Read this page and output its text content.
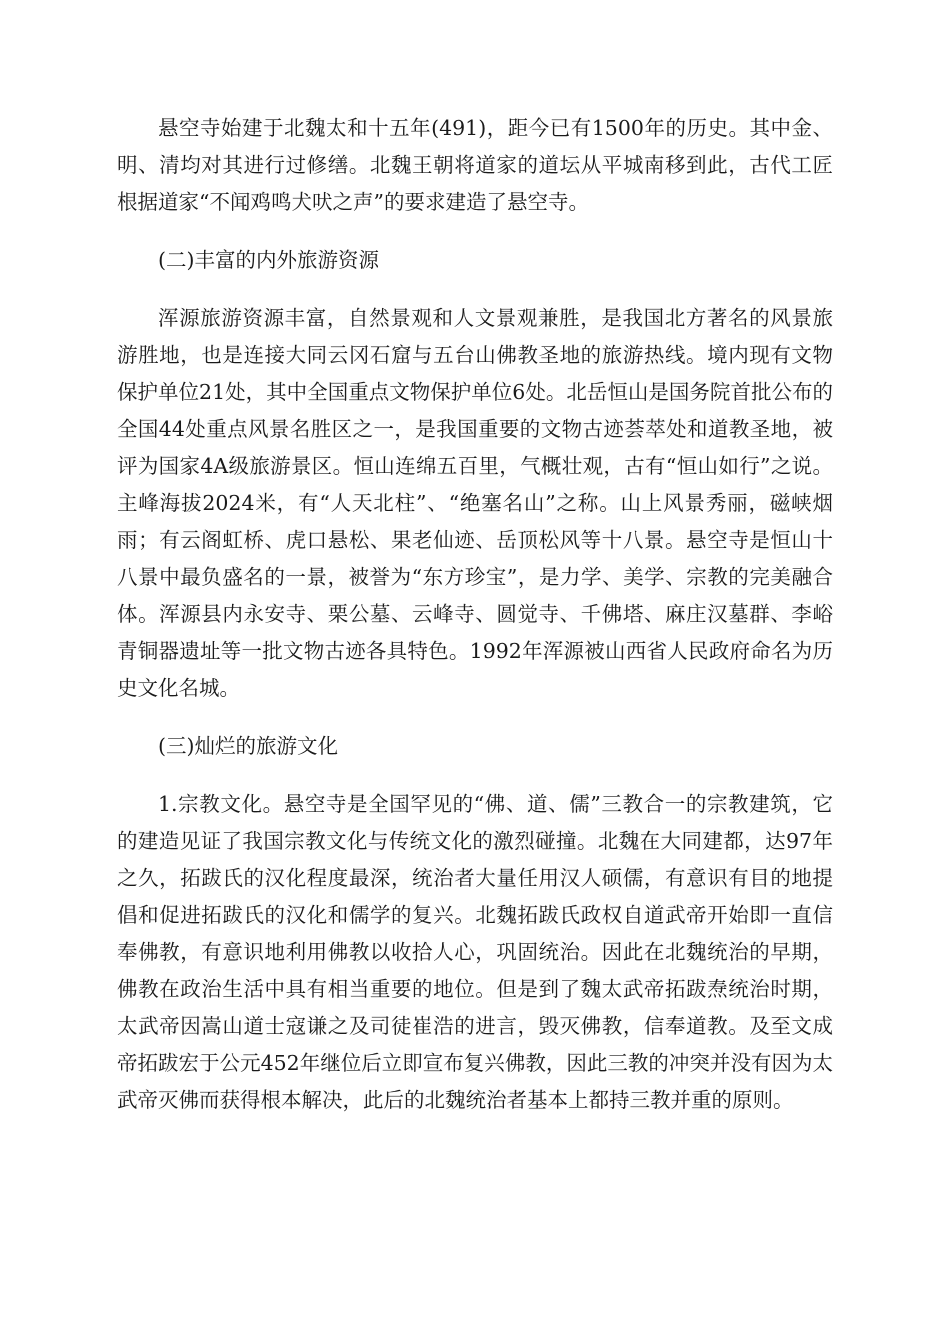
悬空寺始建于北魏太和十五年(491)，距今已有1500年的历史。其中金、明、清均对其进行过修缮。北魏王朝将道家的道坛从平城南移到此，古代工匠根据道家“不闻鸡鸣犬吠之声”的要求建造了悬空寺。

(二)丰富的内外旅游资源

浑源旅游资源丰富，自然景观和人文景观兼胜，是我国北方著名的风景旅游胜地，也是连接大同云冈石窟与五台山佛教圣地的旅游热线。境内现有文物保护单位21处，其中全国重点文物保护单位6处。北岳恒山是国务院首批公布的全国44处重点风景名胜区之一，是我国重要的文物古迹荟萃处和道教圣地，被评为国家4A级旅游景区。恒山连绵五百里，气概壮观，古有“恒山如行”之说。主峰海拔2024米，有“人天北柱”、“绝塞名山”之称。山上风景秀丽，磁峡烟雨；有云阁虹桥、虎口悬松、果老仙迹、岳顶松风等十八景。悬空寺是恒山十八景中最负盛名的一景，被誉为“东方珍宝”，是力学、美学、宗教的完美融合体。浑源县内永安寺、栗公墓、云峰寺、圆觉寺、千佛塔、麻庄汉墓群、李峪青铜器遗址等一批文物古迹各具特色。1992年浑源被山西省人民政府命名为历史文化名城。

(三)灿烂的旅游文化

1.宗教文化。悬空寺是全国罕见的“佛、道、儒”三教合一的宗教建筑，它的建造见证了我国宗教文化与传统文化的激烈碰撞。北魏在大同建都，达97年之久，拓跋氏的汉化程度最深，统治者大量任用汉人硕儒，有意识有目的地提倡和促进拓跋氏的汉化和儒学的复兴。北魏拓跋氏政权自道武帝开始即一直信奉佛教，有意识地利用佛教以收拾人心，巩固统治。因此在北魏统治的早期，佛教在政治生活中具有相当重要的地位。但是到了魏太武帝拓跋焘统治时期，太武帝因嵩山道士寇谦之及司徒崔浩的进言，毁灭佛教，信奉道教。及至文成帝拓跋宏于公元452年继位后立即宣布复兴佛教，因此三教的冲突并没有因为太武帝灭佛而获得根本解决，此后的北魏统治者基本上都持三教并重的原则。
